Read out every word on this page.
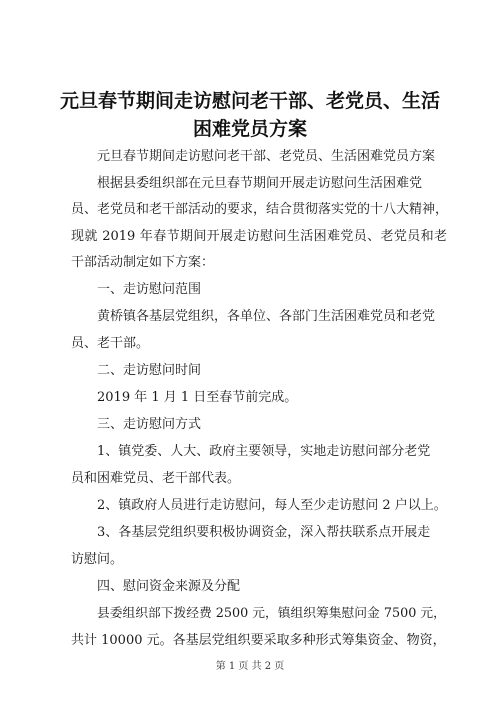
元旦春节期间走访慰问老干部、老党员、生活
困难党员方案
元旦春节期间走访慰问老干部、老党员、生活困难党员方案
根据县委组织部在元旦春节期间开展走访慰问生活困难党
员、老党员和老干部活动的要求，结合贯彻落实党的十八大精神，
现就 2019 年春节期间开展走访慰问生活困难党员、老党员和老
干部活动制定如下方案：
一、走访慰问范围
黄桥镇各基层党组织，各单位、各部门生活困难党员和老党
员、老干部。
二、走访慰问时间
2019 年 1 月 1 日至春节前完成。
三、走访慰问方式
1、镇党委、人大、政府主要领导，实地走访慰问部分老党
员和困难党员、老干部代表。
2、镇政府人员进行走访慰问，每人至少走访慰问 2 户以上。
3、各基层党组织要积极协调资金，深入帮扶联系点开展走
访慰问。
四、慰问资金来源及分配
县委组织部下拨经费 2500 元，镇组织筹集慰问金 7500 元，
共计 10000 元。各基层党组织要采取多种形式筹集资金、物资，
第 1 页 共 2 页
